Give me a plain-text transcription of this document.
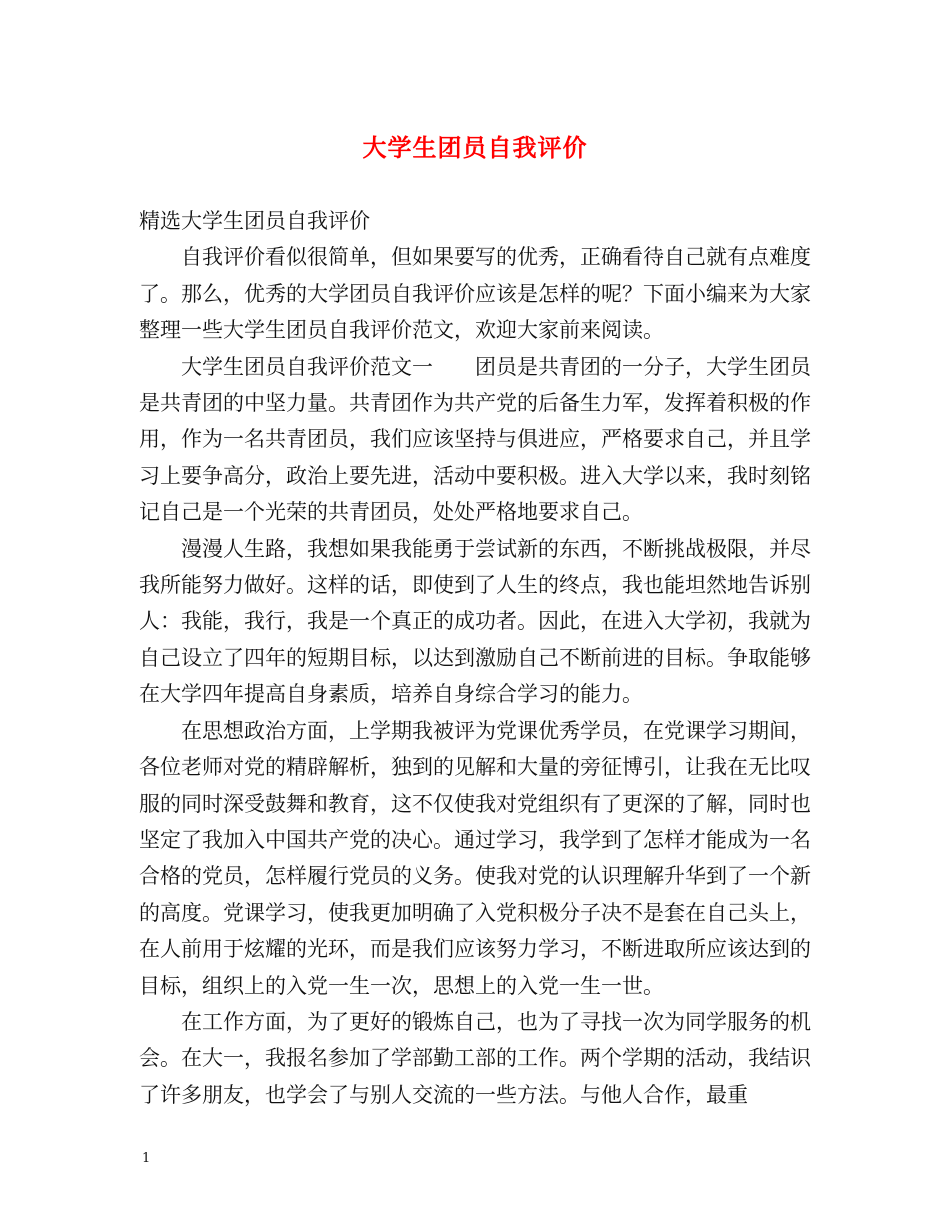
大学生团员自我评价

精选大学生团员自我评价

自我评价看似很简单，但如果要写的优秀，正确看待自己就有点难度了。那么，优秀的大学团员自我评价应该是怎样的呢？下面小编来为大家整理一些大学生团员自我评价范文，欢迎大家前来阅读。

大学生团员自我评价范文一　　团员是共青团的一分子，大学生团员是共青团的中坚力量。共青团作为共产党的后备生力军，发挥着积极的作用，作为一名共青团员，我们应该坚持与俱进应，严格要求自己，并且学习上要争高分，政治上要先进，活动中要积极。进入大学以来，我时刻铭记自己是一个光荣的共青团员，处处严格地要求自己。

漫漫人生路，我想如果我能勇于尝试新的东西，不断挑战极限，并尽我所能努力做好。这样的话，即使到了人生的终点，我也能坦然地告诉别人：我能，我行，我是一个真正的成功者。因此，在进入大学初，我就为自己设立了四年的短期目标，以达到激励自己不断前进的目标。争取能够在大学四年提高自身素质，培养自身综合学习的能力。

在思想政治方面，上学期我被评为党课优秀学员，在党课学习期间，各位老师对党的精辟解析，独到的见解和大量的旁征博引，让我在无比叹服的同时深受鼓舞和教育，这不仅使我对党组织有了更深的了解，同时也坚定了我加入中国共产党的决心。通过学习，我学到了怎样才能成为一名合格的党员，怎样履行党员的义务。使我对党的认识理解升华到了一个新的高度。党课学习，使我更加明确了入党积极分子决不是套在自己头上，在人前用于炫耀的光环，而是我们应该努力学习，不断进取所应该达到的目标，组织上的入党一生一次，思想上的入党一生一世。

在工作方面，为了更好的锻炼自己，也为了寻找一次为同学服务的机会。在大一，我报名参加了学部勤工部的工作。两个学期的活动，我结识了许多朋友，也学会了与别人交流的一些方法。与他人合作，最重

1
